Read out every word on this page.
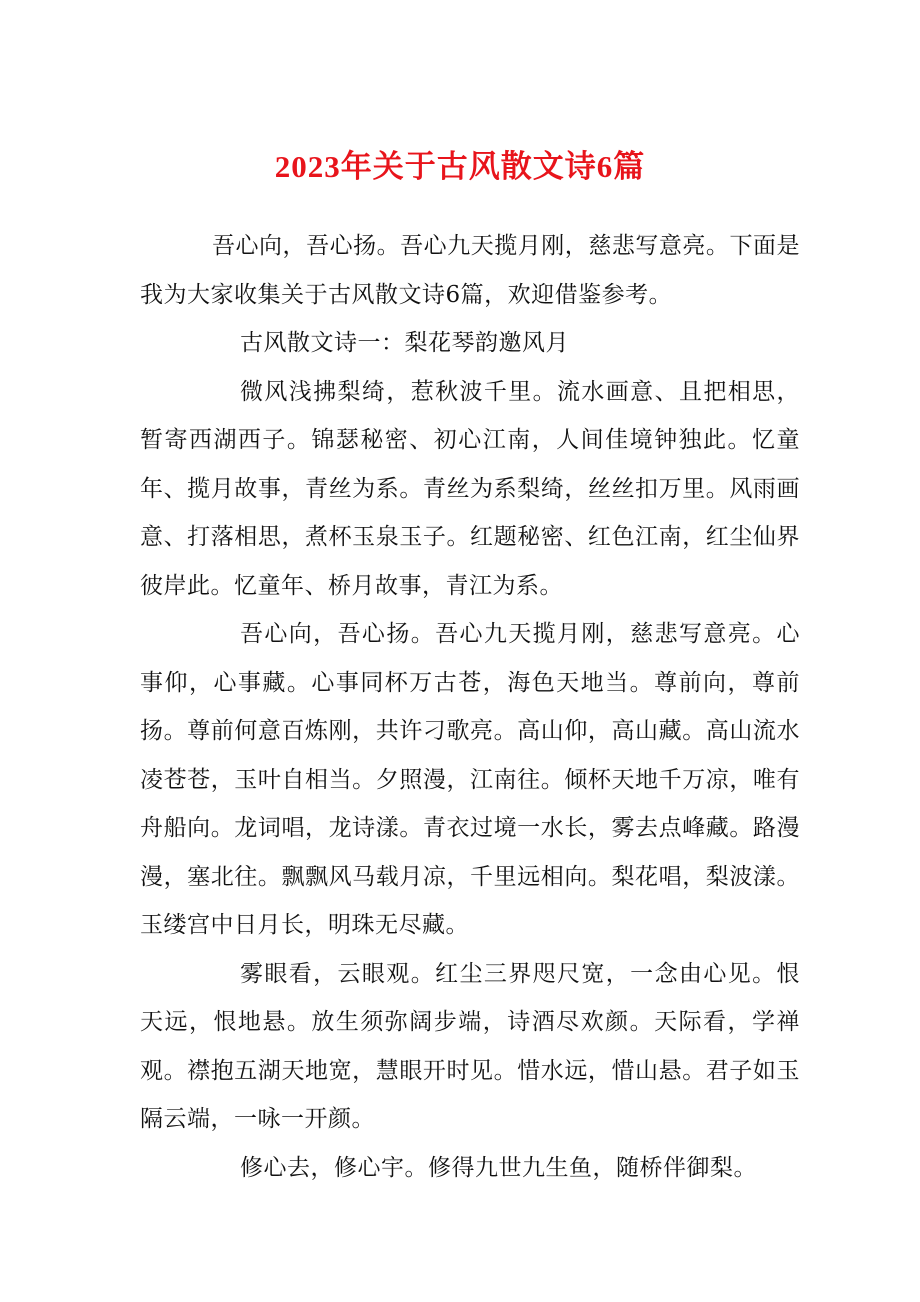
2023年关于古风散文诗6篇

吾心向，吾心扬。吾心九天揽月刚，慈悲写意亮。下面是我为大家收集关于古风散文诗6篇，欢迎借鉴参考。

古风散文诗一：梨花琴韵邀风月

微风浅拂梨绮，惹秋波千里。流水画意、且把相思，暂寄西湖西子。锦瑟秘密、初心江南，人间佳境钟独此。忆童年、揽月故事，青丝为系。青丝为系梨绮，丝丝扣万里。风雨画意、打落相思，煮杯玉泉玉子。红题秘密、红色江南，红尘仙界彼岸此。忆童年、桥月故事，青江为系。

吾心向，吾心扬。吾心九天揽月刚，慈悲写意亮。心事仰，心事藏。心事同杯万古苍，海色天地当。尊前向，尊前扬。尊前何意百炼刚，共许刁歌亮。高山仰，高山藏。高山流水凌苍苍，玉叶自相当。夕照漫，江南往。倾杯天地千万凉，唯有舟船向。龙词唱，龙诗漾。青衣过境一水长，雾去点峰藏。路漫漫，塞北往。飘飘风马载月凉，千里远相向。梨花唱，梨波漾。玉缕宫中日月长，明珠无尽藏。

雾眼看，云眼观。红尘三界咫尺宽，一念由心见。恨天远，恨地悬。放生须弥阔步端，诗酒尽欢颜。天际看，学禅观。襟抱五湖天地宽，慧眼开时见。惜水远，惜山悬。君子如玉隔云端，一咏一开颜。

修心去，修心宇。修得九世九生鱼，随桥伴御梨。
